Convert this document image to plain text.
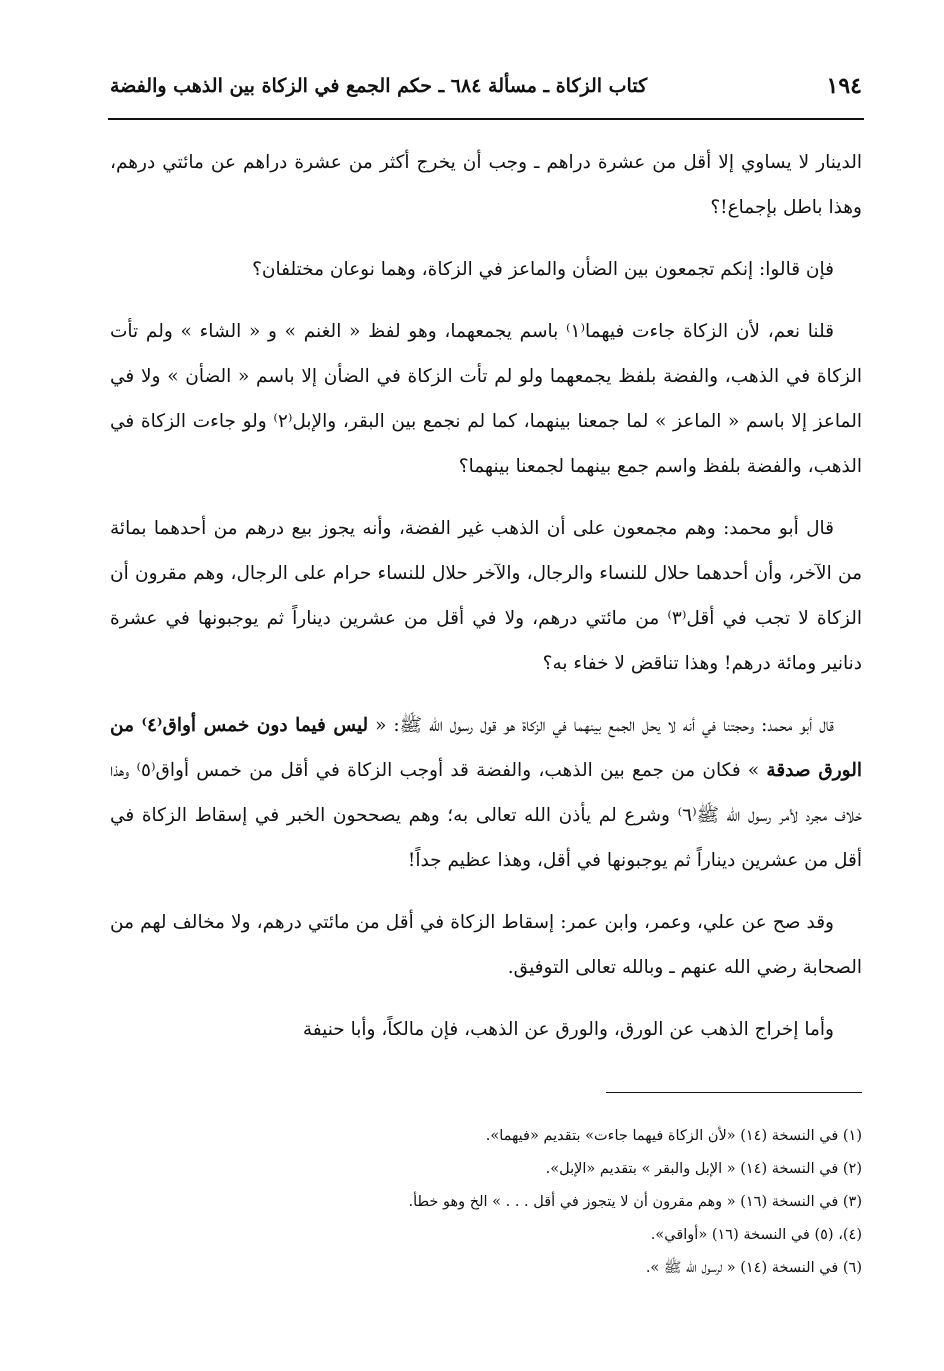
١٩٤
كتاب الزكاة ـ مسألة ٦٨٤ ـ حكم الجمع في الزكاة بين الذهب والفضة

الدينار لا يساوي إلا أقل من عشرة دراهم ـ وجب أن يخرج أكثر من عشرة دراهم عن مائتي درهم، وهذا باطل بإجماع!؟

فإن قالوا: إنكم تجمعون بين الضأن والماعز في الزكاة، وهما نوعان مختلفان؟

قلنا نعم، لأن الزكاة جاءت فيهما⁽١⁾ باسم يجمعهما، وهو لفظ « الغنم » و « الشاء » ولم تأت الزكاة في الذهب، والفضة بلفظ يجمعهما ولو لم تأت الزكاة في الضأن إلا باسم « الضأن » ولا في الماعز إلا باسم « الماعز » لما جمعنا بينهما، كما لم نجمع بين البقر، والإبل⁽٢⁾ ولو جاءت الزكاة في الذهب، والفضة بلفظ واسم جمع بينهما لجمعنا بينهما؟

قال أبو محمد: وهم مجمعون على أن الذهب غير الفضة، وأنه يجوز بيع درهم من أحدهما بمائة من الآخر، وأن أحدهما حلال للنساء والرجال، والآخر حلال للنساء حرام على الرجال، وهم مقرون أن الزكاة لا تجب في أقل⁽٣⁾ من مائتي درهم، ولا في أقل من عشرين ديناراً ثم يوجبونها في عشرة دنانير ومائة درهم! وهذا تناقض لا خفاء به؟

قال أبو محمد: وحجتنا في أنه لا يحل الجمع بينهما في الزكاة هو قول رسول الله ﷺ: « ليس فيما دون خمس أواق⁽٤⁾ من الورق صدقة » فكان من جمع بين الذهب، والفضة قد أوجب الزكاة في أقل من خمس أواق⁽٥⁾ وهذا خلاف مجرد لأمر رسول الله ﷺ⁽٦⁾ وشرع لم يأذن الله تعالى به؛ وهم يصححون الخبر في إسقاط الزكاة في أقل من عشرين ديناراً ثم يوجبونها في أقل، وهذا عظيم جداً!

وقد صح عن علي، وعمر، وابن عمر: إسقاط الزكاة في أقل من مائتي درهم، ولا مخالف لهم من الصحابة رضي الله عنهم ـ وبالله تعالى التوفيق.

وأما إخراج الذهب عن الورق، والورق عن الذهب، فإن مالكاً، وأبا حنيفة

(١) في النسخة (١٤) «لأن الزكاة فيهما جاءت» بتقديم «فيهما».

(٢) في النسخة (١٤) « الإبل والبقر » بتقديم «الإبل».

(٣) في النسخة (١٦) « وهم مقرون أن لا يتجوز في أقل . . . » الخ وهو خطأ.

(٤)، (٥) في النسخة (١٦) «أواقي».

(٦) في النسخة (١٤) « لرسول الله ﷺ ».
